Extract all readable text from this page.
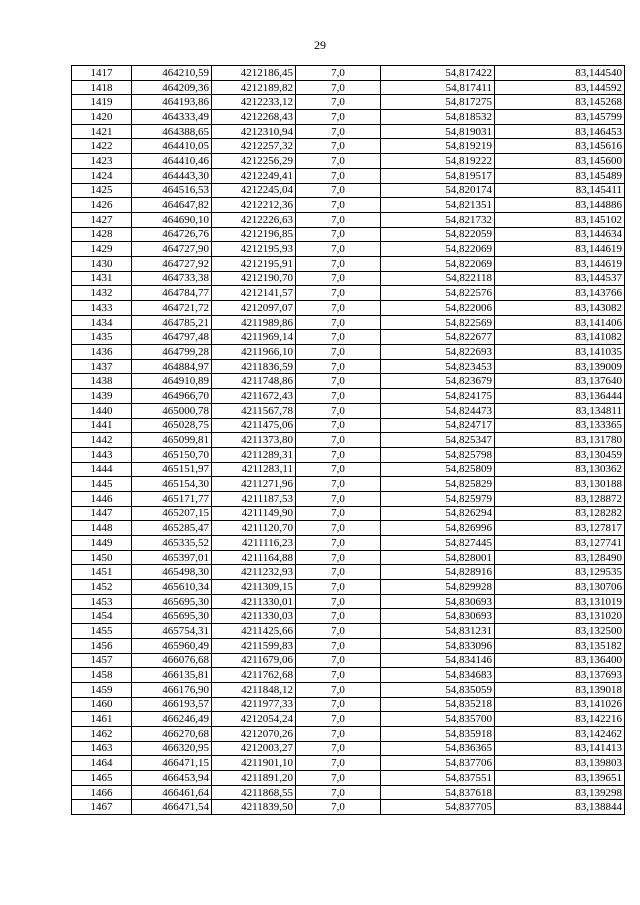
29
1417	464210,59	4212186,45	7,0	54,817422	83,144540
1418	464209,36	4212189,82	7,0	54,817411	83,144592
1419	464193,86	4212233,12	7,0	54,817275	83,145268
1420	464333,49	4212268,43	7,0	54,818532	83,145799
1421	464388,65	4212310,94	7,0	54,819031	83,146453
1422	464410,05	4212257,32	7,0	54,819219	83,145616
1423	464410,46	4212256,29	7,0	54,819222	83,145600
1424	464443,30	4212249,41	7,0	54,819517	83,145489
1425	464516,53	4212245,04	7,0	54,820174	83,145411
1426	464647,82	4212212,36	7,0	54,821351	83,144886
1427	464690,10	4212226,63	7,0	54,821732	83,145102
1428	464726,76	4212196,85	7,0	54,822059	83,144634
1429	464727,90	4212195,93	7,0	54,822069	83,144619
1430	464727,92	4212195,91	7,0	54,822069	83,144619
1431	464733,38	4212190,70	7,0	54,822118	83,144537
1432	464784,77	4212141,57	7,0	54,822576	83,143766
1433	464721,72	4212097,07	7,0	54,822006	83,143082
1434	464785,21	4211989,86	7,0	54,822569	83,141406
1435	464797,48	4211969,14	7,0	54,822677	83,141082
1436	464799,28	4211966,10	7,0	54,822693	83,141035
1437	464884,97	4211836,59	7,0	54,823453	83,139009
1438	464910,89	4211748,86	7,0	54,823679	83,137640
1439	464966,70	4211672,43	7,0	54,824175	83,136444
1440	465000,78	4211567,78	7,0	54,824473	83,134811
1441	465028,75	4211475,06	7,0	54,824717	83,133365
1442	465099,81	4211373,80	7,0	54,825347	83,131780
1443	465150,70	4211289,31	7,0	54,825798	83,130459
1444	465151,97	4211283,11	7,0	54,825809	83,130362
1445	465154,30	4211271,96	7,0	54,825829	83,130188
1446	465171,77	4211187,53	7,0	54,825979	83,128872
1447	465207,15	4211149,90	7,0	54,826294	83,128282
1448	465285,47	4211120,70	7,0	54,826996	83,127817
1449	465335,52	4211116,23	7,0	54,827445	83,127741
1450	465397,01	4211164,88	7,0	54,828001	83,128490
1451	465498,30	4211232,93	7,0	54,828916	83,129535
1452	465610,34	4211309,15	7,0	54,829928	83,130706
1453	465695,30	4211330,01	7,0	54,830693	83,131019
1454	465695,30	4211330,03	7,0	54,830693	83,131020
1455	465754,31	4211425,66	7,0	54,831231	83,132500
1456	465960,49	4211599,83	7,0	54,833096	83,135182
1457	466076,68	4211679,06	7,0	54,834146	83,136400
1458	466135,81	4211762,68	7,0	54,834683	83,137693
1459	466176,90	4211848,12	7,0	54,835059	83,139018
1460	466193,57	4211977,33	7,0	54,835218	83,141026
1461	466246,49	4212054,24	7,0	54,835700	83,142216
1462	466270,68	4212070,26	7,0	54,835918	83,142462
1463	466320,95	4212003,27	7,0	54,836365	83,141413
1464	466471,15	4211901,10	7,0	54,837706	83,139803
1465	466453,94	4211891,20	7,0	54,837551	83,139651
1466	466461,64	4211868,55	7,0	54,837618	83,139298
1467	466471,54	4211839,50	7,0	54,837705	83,138844
